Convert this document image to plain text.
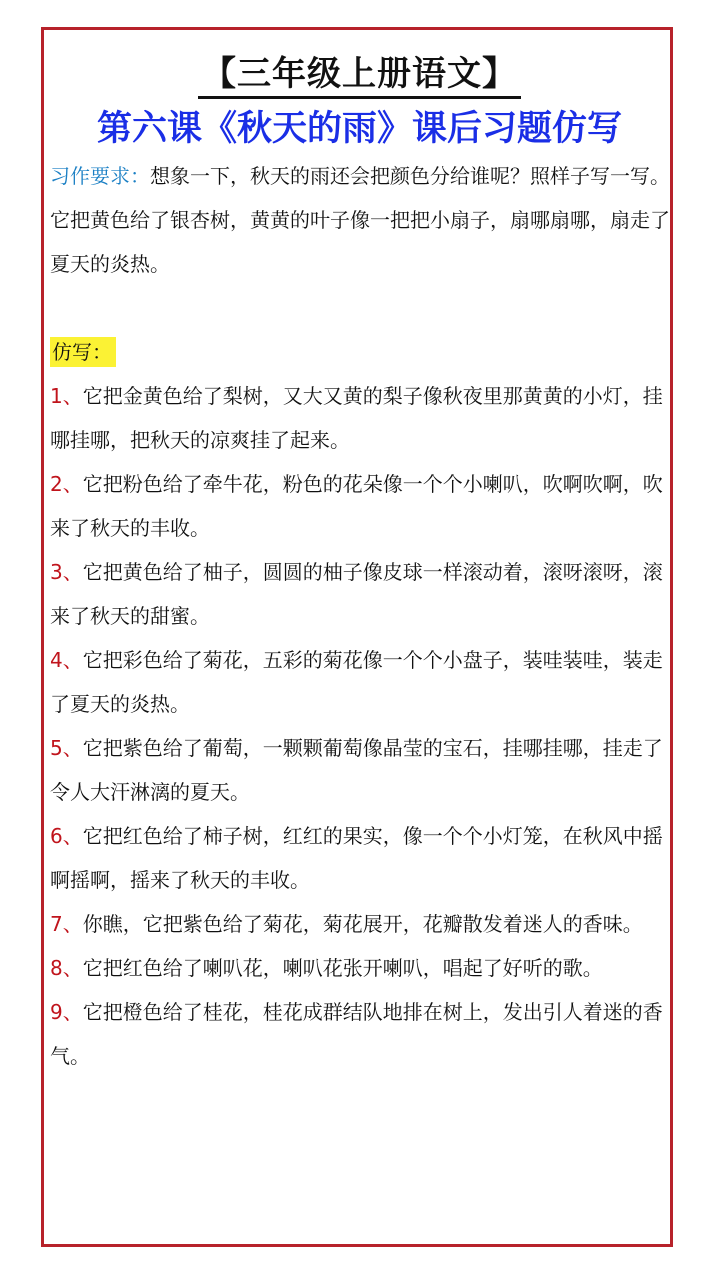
【三年级上册语文】
第六课《秋天的雨》课后习题仿写

习作要求：想象一下，秋天的雨还会把颜色分给谁呢？照样子写一写。

它把黄色给了银杏树，黄黄的叶子像一把把小扇子，扇哪扇哪，扇走了夏天的炎热。

仿写：

1、它把金黄色给了梨树，又大又黄的梨子像秋夜里那黄黄的小灯，挂哪挂哪，把秋天的凉爽挂了起来。

2、它把粉色给了牵牛花，粉色的花朵像一个个小喇叭，吹啊吹啊，吹来了秋天的丰收。

3、它把黄色给了柚子，圆圆的柚子像皮球一样滚动着，滚呀滚呀，滚来了秋天的甜蜜。

4、它把彩色给了菊花，五彩的菊花像一个个小盘子，装哇装哇，装走了夏天的炎热。

5、它把紫色给了葡萄，一颗颗葡萄像晶莹的宝石，挂哪挂哪，挂走了令人大汗淋漓的夏天。

6、它把红色给了柿子树，红红的果实，像一个个小灯笼，在秋风中摇啊摇啊，摇来了秋天的丰收。

7、你瞧，它把紫色给了菊花，菊花展开，花瓣散发着迷人的香味。

8、它把红色给了喇叭花，喇叭花张开喇叭，唱起了好听的歌。

9、它把橙色给了桂花，桂花成群结队地排在树上，发出引人着迷的香气。
